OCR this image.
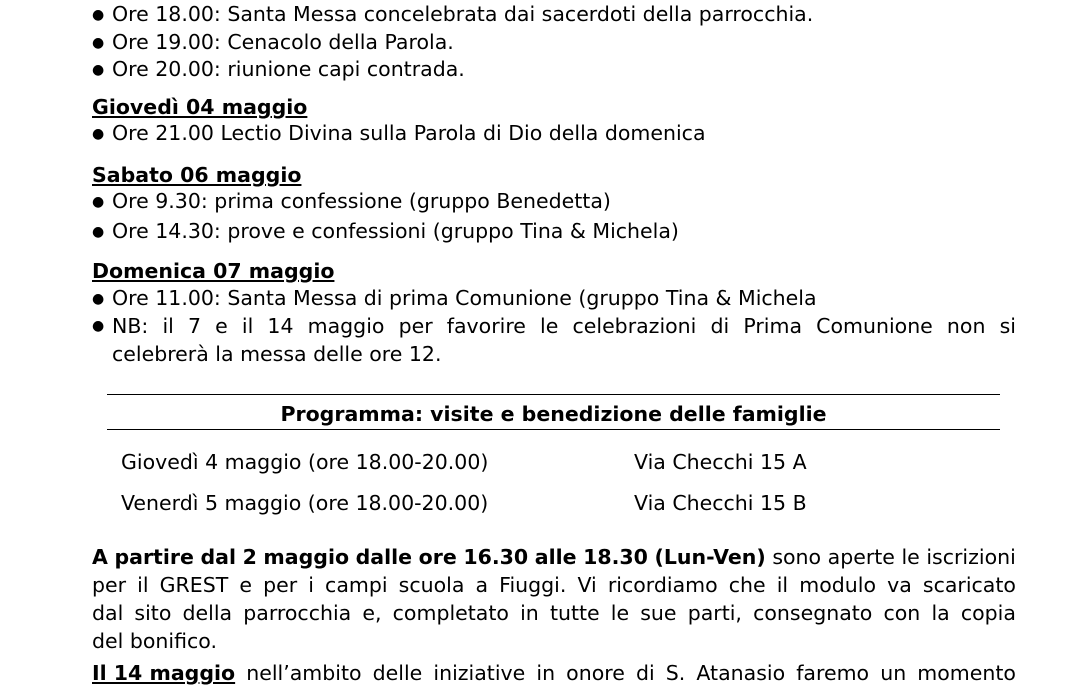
● Ore 18.00: Santa Messa concelebrata dai sacerdoti della parrocchia.
● Ore 19.00: Cenacolo della Parola.
● Ore 20.00: riunione capi contrada.
Giovedì 04 maggio
● Ore 21.00 Lectio Divina sulla Parola di Dio della domenica
Sabato 06 maggio
● Ore 9.30: prima confessione (gruppo Benedetta)
● Ore 14.30: prove e confessioni (gruppo Tina & Michela)
Domenica 07 maggio
● Ore 11.00: Santa Messa di prima Comunione (gruppo Tina & Michela
● NB: il 7 e il 14 maggio per favorire le celebrazioni di Prima Comunione non si
celebrerà la messa delle ore 12.
Programma: visite e benedizione delle famiglie
Giovedì 4 maggio (ore 18.00-20.00)	Via Checchi 15 A
Venerdì 5 maggio (ore 18.00-20.00)	Via Checchi 15 B
A partire dal 2 maggio dalle ore 16.30 alle 18.30 (Lun-Ven) sono aperte le iscrizioni
per il GREST e per i campi scuola a Fiuggi. Vi ricordiamo che il modulo va scaricato
dal sito della parrocchia e, completato in tutte le sue parti, consegnato con la copia
del bonifico.
Il 14 maggio nell’ambito delle iniziative in onore di S. Atanasio faremo un momento
